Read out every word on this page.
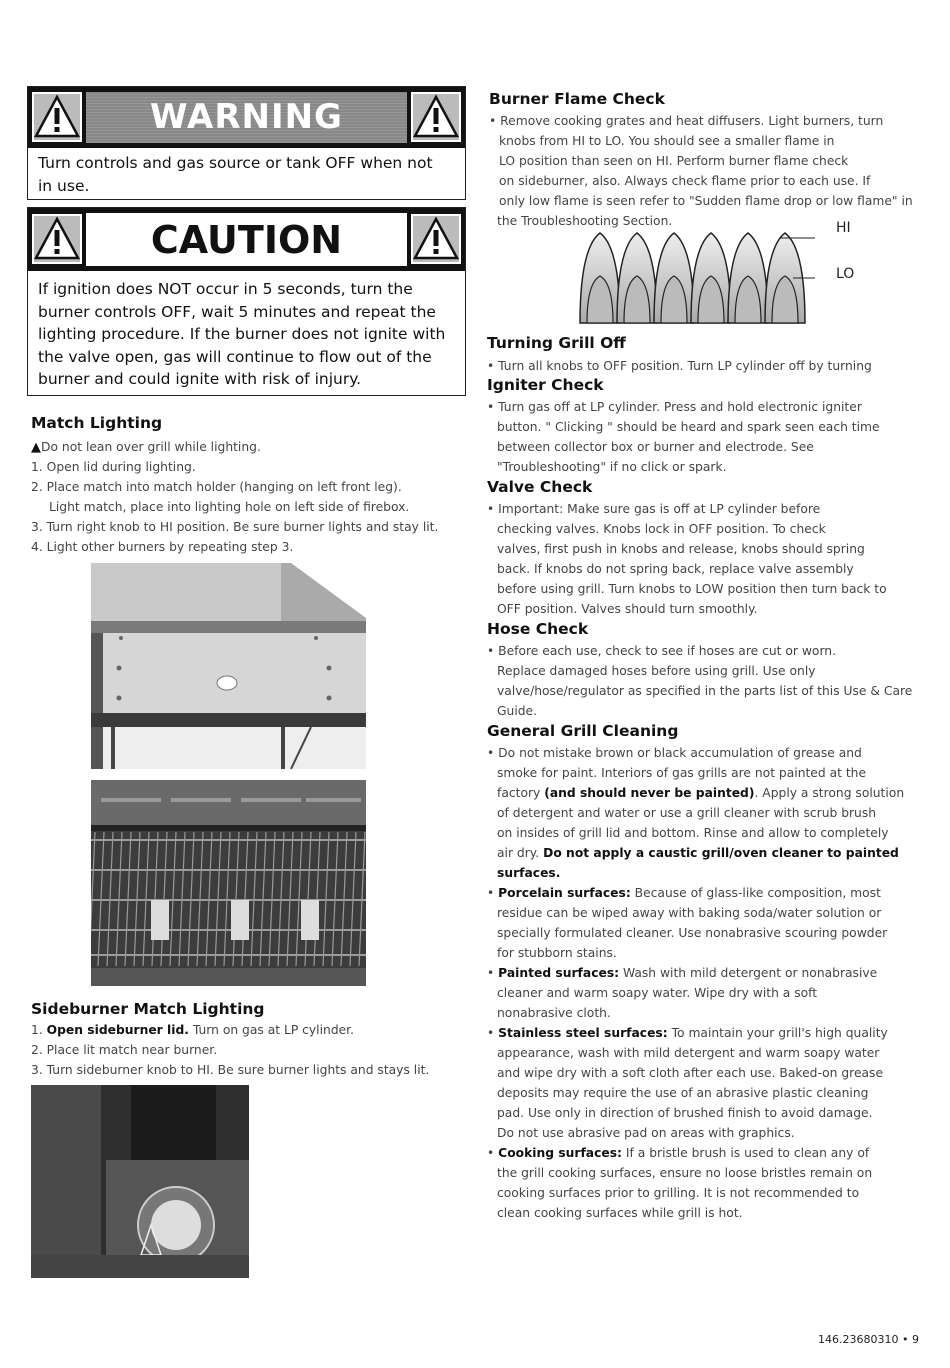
WARNING
Turn controls and gas source or tank OFF when not in use.
CAUTION
If ignition does NOT occur in 5 seconds, turn the burner controls OFF, wait 5 minutes and repeat the lighting procedure. If the burner does not ignite with the valve open, gas will continue to flow out of the burner and could ignite with risk of injury.
Match Lighting
▲Do not lean over grill while lighting.
1. Open lid during lighting.
2. Place match into match holder (hanging on left front leg).
Light match, place into lighting hole on left side of firebox.
3. Turn right knob to HI position. Be sure burner lights and stay lit.
4. Light other burners by repeating step 3.
Sideburner Match Lighting
1. Open sideburner lid. Turn on gas at LP cylinder.
2. Place lit match near burner.
3. Turn sideburner knob to HI. Be sure burner lights and stays lit.
Burner Flame Check
• Remove cooking grates and heat diffusers. Light burners, turn
knobs from HI to LO. You should see a smaller flame in
LO position than seen on HI. Perform burner flame check
on sideburner, also. Always check flame prior to each use. If
only low flame is seen refer to "Sudden flame drop or low flame" in
the Troubleshooting Section.	HI
LO
Turning Grill Off
• Turn all knobs to OFF position. Turn LP cylinder off by turning
Igniter Check
• Turn gas off at LP cylinder. Press and hold electronic igniter
button. " Clicking " should be heard and spark seen each time
between collector box or burner and electrode. See
"Troubleshooting" if no click or spark.
Valve Check
• Important: Make sure gas is off at LP cylinder before
checking valves. Knobs lock in OFF position. To check
valves, first push in knobs and release, knobs should spring
back. If knobs do not spring back, replace valve assembly
before using grill. Turn knobs to LOW position then turn back to
OFF position. Valves should turn smoothly.
Hose Check
• Before each use, check to see if hoses are cut or worn.
Replace damaged hoses before using grill. Use only
valve/hose/regulator as specified in the parts list of this Use & Care
Guide.
General Grill Cleaning
• Do not mistake brown or black accumulation of grease and
smoke for paint. Interiors of gas grills are not painted at the
factory (and should never be painted). Apply a strong solution
of detergent and water or use a grill cleaner with scrub brush
on insides of grill lid and bottom. Rinse and allow to completely
air dry. Do not apply a caustic grill/oven cleaner to painted
surfaces.
• Porcelain surfaces: Because of glass-like composition, most
residue can be wiped away with baking soda/water solution or
specially formulated cleaner. Use nonabrasive scouring powder
for stubborn stains.
• Painted surfaces: Wash with mild detergent or nonabrasive
cleaner and warm soapy water. Wipe dry with a soft
nonabrasive cloth.
• Stainless steel surfaces: To maintain your grill's high quality
appearance, wash with mild detergent and warm soapy water
and wipe dry with a soft cloth after each use. Baked-on grease
deposits may require the use of an abrasive plastic cleaning
pad. Use only in direction of brushed finish to avoid damage.
Do not use abrasive pad on areas with graphics.
• Cooking surfaces: If a bristle brush is used to clean any of
the grill cooking surfaces, ensure no loose bristles remain on
cooking surfaces prior to grilling. It is not recommended to
clean cooking surfaces while grill is hot.
146.23680310 • 9
